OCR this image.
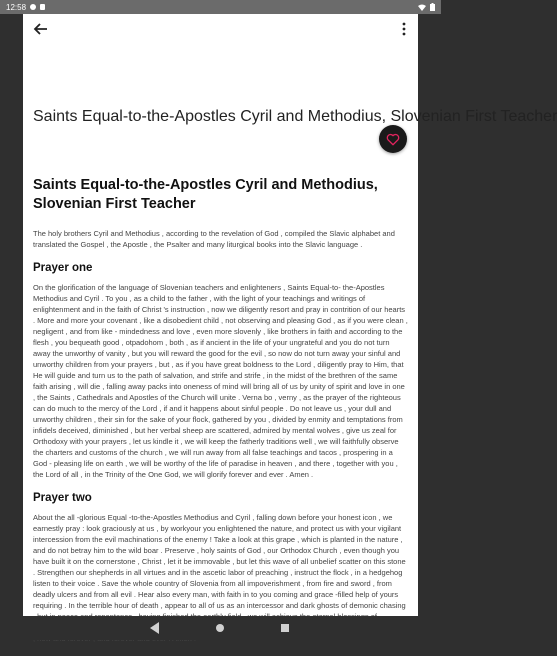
12:58
Saints Equal-to-the-Apostles Cyril and Methodius, Slovenian First Teacher
Saints Equal-to-the-Apostles Cyril and Methodius, Slovenian First Teacher

The holy brothers Cyril and Methodius , according to the revelation of God , compiled the Slavic alphabet and translated the Gospel , the Apostle , the Psalter and many liturgical books into the Slavic language .

Prayer one

On the glorification of the language of Slovenian teachers and enlighteners , Saints Equal-to- the-Apostles Methodius and Cyril . To you , as a child to the father , with the light of your teachings and writings of enlightenment and in the faith of Christ 's instruction , now we diligently resort and pray in contrition of our hearts . More and more your covenant , like a disobedient child , not observing and pleasing God , as if you were clean , negligent , and from like - mindedness and love , even more slovenly , like brothers in faith and according to the flesh , you bequeath good , otpadohom , both , as if ancient in the life of your ungrateful and you do not turn away the unworthy of vanity , but you will reward the good for the evil , so now do not turn away your sinful and unworthy children from your prayers , but , as if you have great boldness to the Lord , diligently pray to Him, that He will guide and turn us to the path of salvation, and strife and strife , in the midst of the brethren of the same faith arising , will die , falling away packs into oneness of mind will bring all of us by unity of spirit and love in one , the Saints , Cathedrals and Apostles of the Church will unite . Verna bo , verny , as the prayer of the righteous can do much to the mercy of the Lord , if and it happens about sinful people . Do not leave us , your dull and unworthy children , their sin for the sake of your flock, gathered by you , divided by enmity and temptations from infidels deceived, diminished , but her verbal sheep are scattered, admired by mental wolves , give us zeal for Orthodoxy with your prayers , let us kindle it , we will keep the fatherly traditions well , we will faithfully observe the charters and customs of the church , we will run away from all false teachings and tacos , prospering in a God - pleasing life on earth , we will be worthy of the life of paradise in heaven , and there , together with you , the Lord of all , in the Trinity of the One God, we will glorify forever and ever . Amen .

Prayer two

About the all -glorious Equal -to-the-Apostles Methodius and Cyril , falling down before your honest icon , we earnestly pray : look graciously at us , by workyour you enlightened the nature, and protect us with your vigilant intercession from the evil machinations of the enemy ! Take a look at this grape , which is planted in the nature , and do not betray him to the wild boar . Preserve , holy saints of God , our Orthodox Church , even though you have built it on the cornerstone , Christ , let it be immovable , but let this wave of all unbelief scatter on this stone . Strengthen our shepherds in all virtues and in the ascetic labor of preaching , instruct the flock , in a hedgehog listen to their voice . Save the whole country of Slovenia from all impoverishment , from fire and sword , from deadly ulcers and from all evil . Hear also every man, with faith in to you coming and grace -filled help of yours requiring . In the terrible hour of death , appear to all of us as an intercessor and dark ghosts of demonic chasing
